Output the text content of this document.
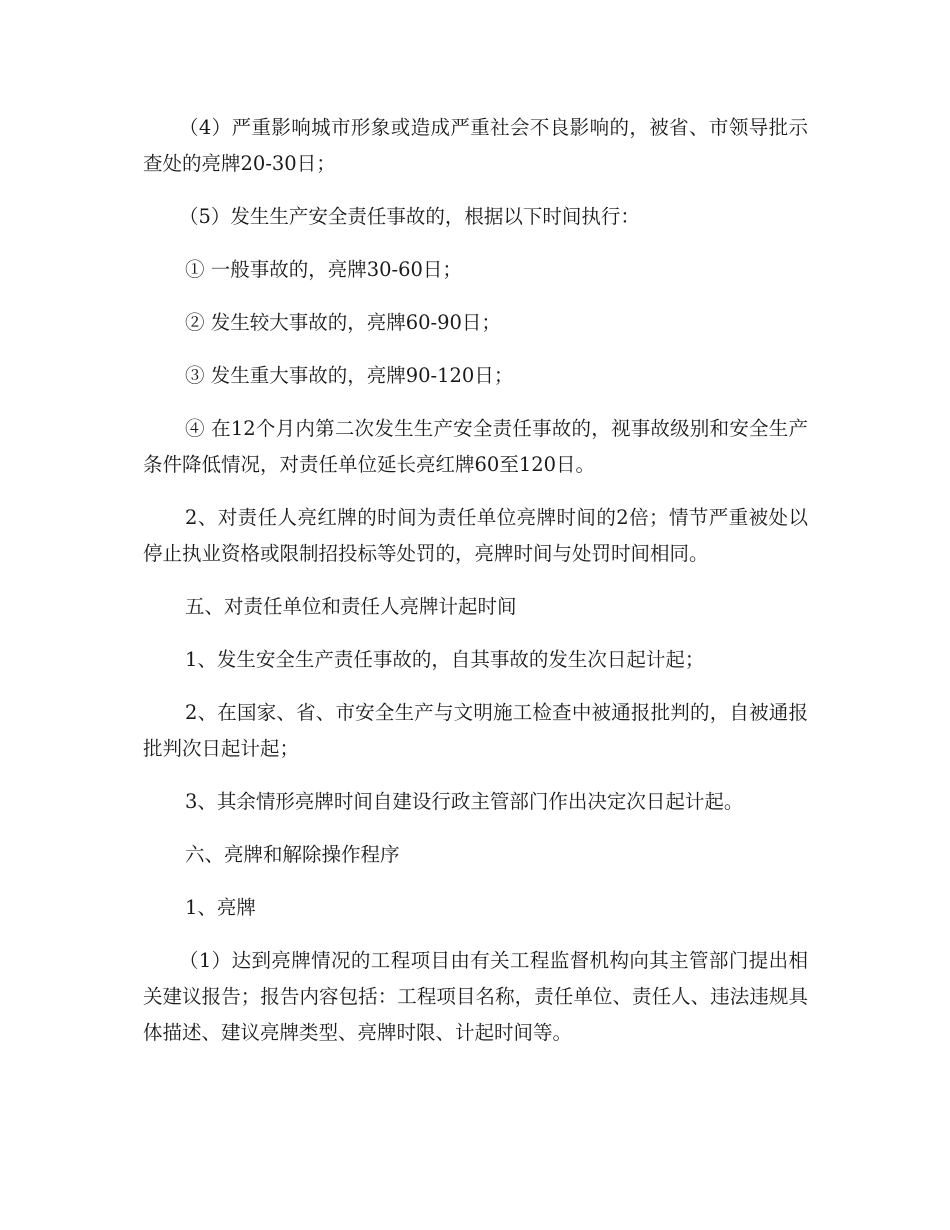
（4）严重影响城市形象或造成严重社会不良影响的，被省、市领导批示查处的亮牌20-30日；

（5）发生生产安全责任事故的，根据以下时间执行：

① 一般事故的，亮牌30-60日；

② 发生较大事故的，亮牌60-90日；

③ 发生重大事故的，亮牌90-120日；

④ 在12个月内第二次发生生产安全责任事故的，视事故级别和安全生产条件降低情况，对责任单位延长亮红牌60至120日。

2、对责任人亮红牌的时间为责任单位亮牌时间的2倍；情节严重被处以停止执业资格或限制招投标等处罚的，亮牌时间与处罚时间相同。

五、对责任单位和责任人亮牌计起时间

1、发生安全生产责任事故的，自其事故的发生次日起计起；

2、在国家、省、市安全生产与文明施工检查中被通报批判的，自被通报批判次日起计起；

3、其余情形亮牌时间自建设行政主管部门作出决定次日起计起。

六、亮牌和解除操作程序

1、亮牌

（1）达到亮牌情况的工程项目由有关工程监督机构向其主管部门提出相关建议报告；报告内容包括：工程项目名称，责任单位、责任人、违法违规具体描述、建议亮牌类型、亮牌时限、计起时间等。
